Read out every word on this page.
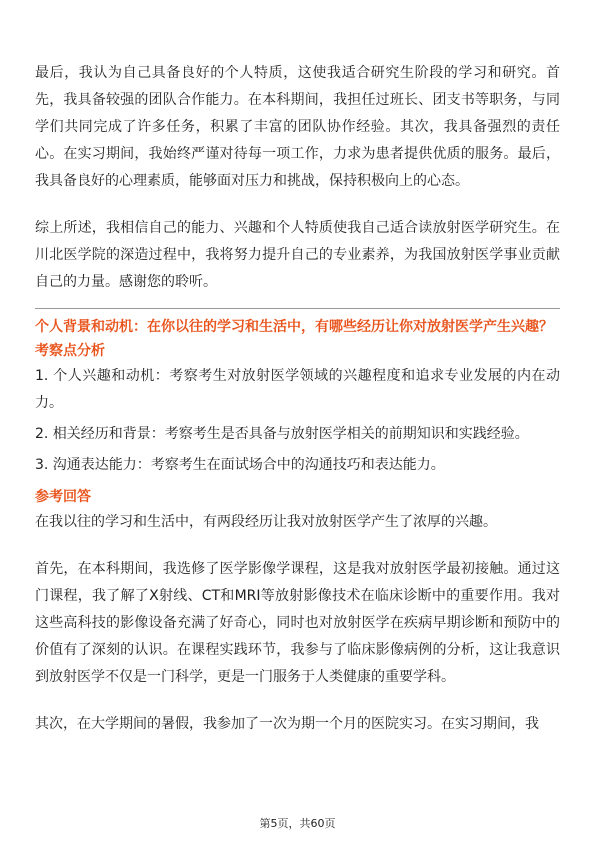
最后，我认为自己具备良好的个人特质，这使我适合研究生阶段的学习和研究。首先，我具备较强的团队合作能力。在本科期间，我担任过班长、团支书等职务，与同学们共同完成了许多任务，积累了丰富的团队协作经验。其次，我具备强烈的责任心。在实习期间，我始终严谨对待每一项工作，力求为患者提供优质的服务。最后，我具备良好的心理素质，能够面对压力和挑战，保持积极向上的心态。

综上所述，我相信自己的能力、兴趣和个人特质使我自己适合读放射医学研究生。在川北医学院的深造过程中，我将努力提升自己的专业素养，为我国放射医学事业贡献自己的力量。感谢您的聆听。

个人背景和动机：在你以往的学习和生活中，有哪些经历让你对放射医学产生兴趣？
考察点分析

1. 个人兴趣和动机：考察考生对放射医学领域的兴趣程度和追求专业发展的内在动力。

2. 相关经历和背景：考察考生是否具备与放射医学相关的前期知识和实践经验。

3. 沟通表达能力：考察考生在面试场合中的沟通技巧和表达能力。

参考回答

在我以往的学习和生活中，有两段经历让我对放射医学产生了浓厚的兴趣。

首先，在本科期间，我选修了医学影像学课程，这是我对放射医学最初接触。通过这门课程，我了解了X射线、CT和MRI等放射影像技术在临床诊断中的重要作用。我对这些高科技的影像设备充满了好奇心，同时也对放射医学在疾病早期诊断和预防中的价值有了深刻的认识。在课程实践环节，我参与了临床影像病例的分析，这让我意识到放射医学不仅是一门科学，更是一门服务于人类健康的重要学科。

其次，在大学期间的暑假，我参加了一次为期一个月的医院实习。在实习期间，我

第5页，共60页
